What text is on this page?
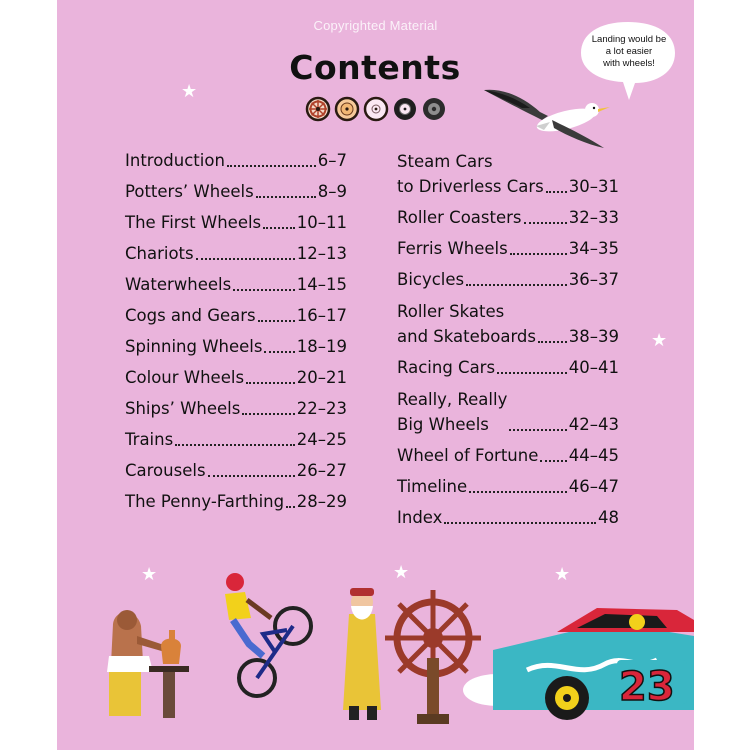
Copyrighted Material
Contents
Introduction	6–7
Potters’ Wheels	8–9
The First Wheels 10–11
Chariots	12–13
Waterwheels	14–15
Cogs and Gears 16–17
Spinning Wheels 18–19
Colour Wheels	20–21
Ships’ Wheels	22–23
Trains	24–25
Carousels	26–27
The Penny-Farthing 28–29
Steam Cars
to Driverless Cars 30–31
Roller Coasters	32–33
Ferris Wheels	34–35
Bicycles	36–37
Roller Skates
and Skateboards 38–39
Racing Cars	40–41
Really, Really
Big Wheels	42–43
Wheel of Fortune 44–45
Timeline	46–47
Index	48
Landing would be
a lot easier
with wheels!
★
★
★	★	★
23
